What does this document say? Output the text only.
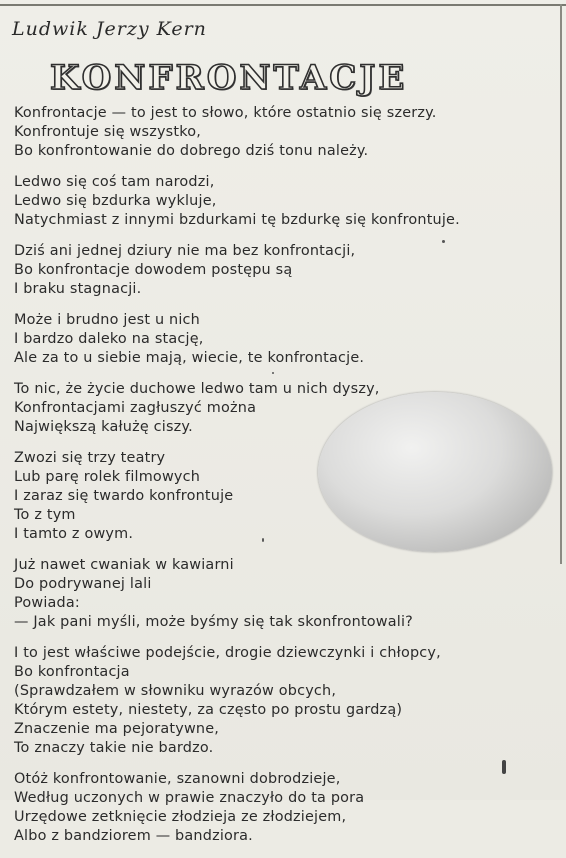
Ludwik Jerzy Kern
KONFRONTACJE
Konfrontacje — to jest to słowo, które ostatnio się szerzy.
Konfrontuje się wszystko,
Bo konfrontowanie do dobrego dziś tonu należy.
Ledwo się coś tam narodzi,
Ledwo się bzdurka wykluje,
Natychmiast z innymi bzdurkami tę bzdurkę się konfrontuje.
Dziś ani jednej dziury nie ma bez konfrontacji,
Bo konfrontacje dowodem postępu są
I braku stagnacji.
Może i brudno jest u nich
I bardzo daleko na stację,
Ale za to u siebie mają, wiecie, te konfrontacje.
To nic, że życie duchowe ledwo tam u nich dyszy,
Konfrontacjami zagłuszyć można
Największą kałużę ciszy.
Zwozi się trzy teatry
Lub parę rolek filmowych
I zaraz się twardo konfrontuje
To z tym
I tamto z owym.
Już nawet cwaniak w kawiarni
Do podrywanej lali
Powiada:
— Jak pani myśli, może byśmy się tak skonfrontowali?
I to jest właściwe podejście, drogie dziewczynki i chłopcy,
Bo konfrontacja
(Sprawdzałem w słowniku wyrazów obcych,
Którym estety, niestety, za często po prostu gardzą)
Znaczenie ma pejoratywne,
To znaczy takie nie bardzo.
Otóż konfrontowanie, szanowni dobrodzieje,
Według uczonych w prawie znaczyło do ta pora
Urzędowe zetknięcie złodzieja ze złodziejem,
Albo z bandziorem — bandziora.
